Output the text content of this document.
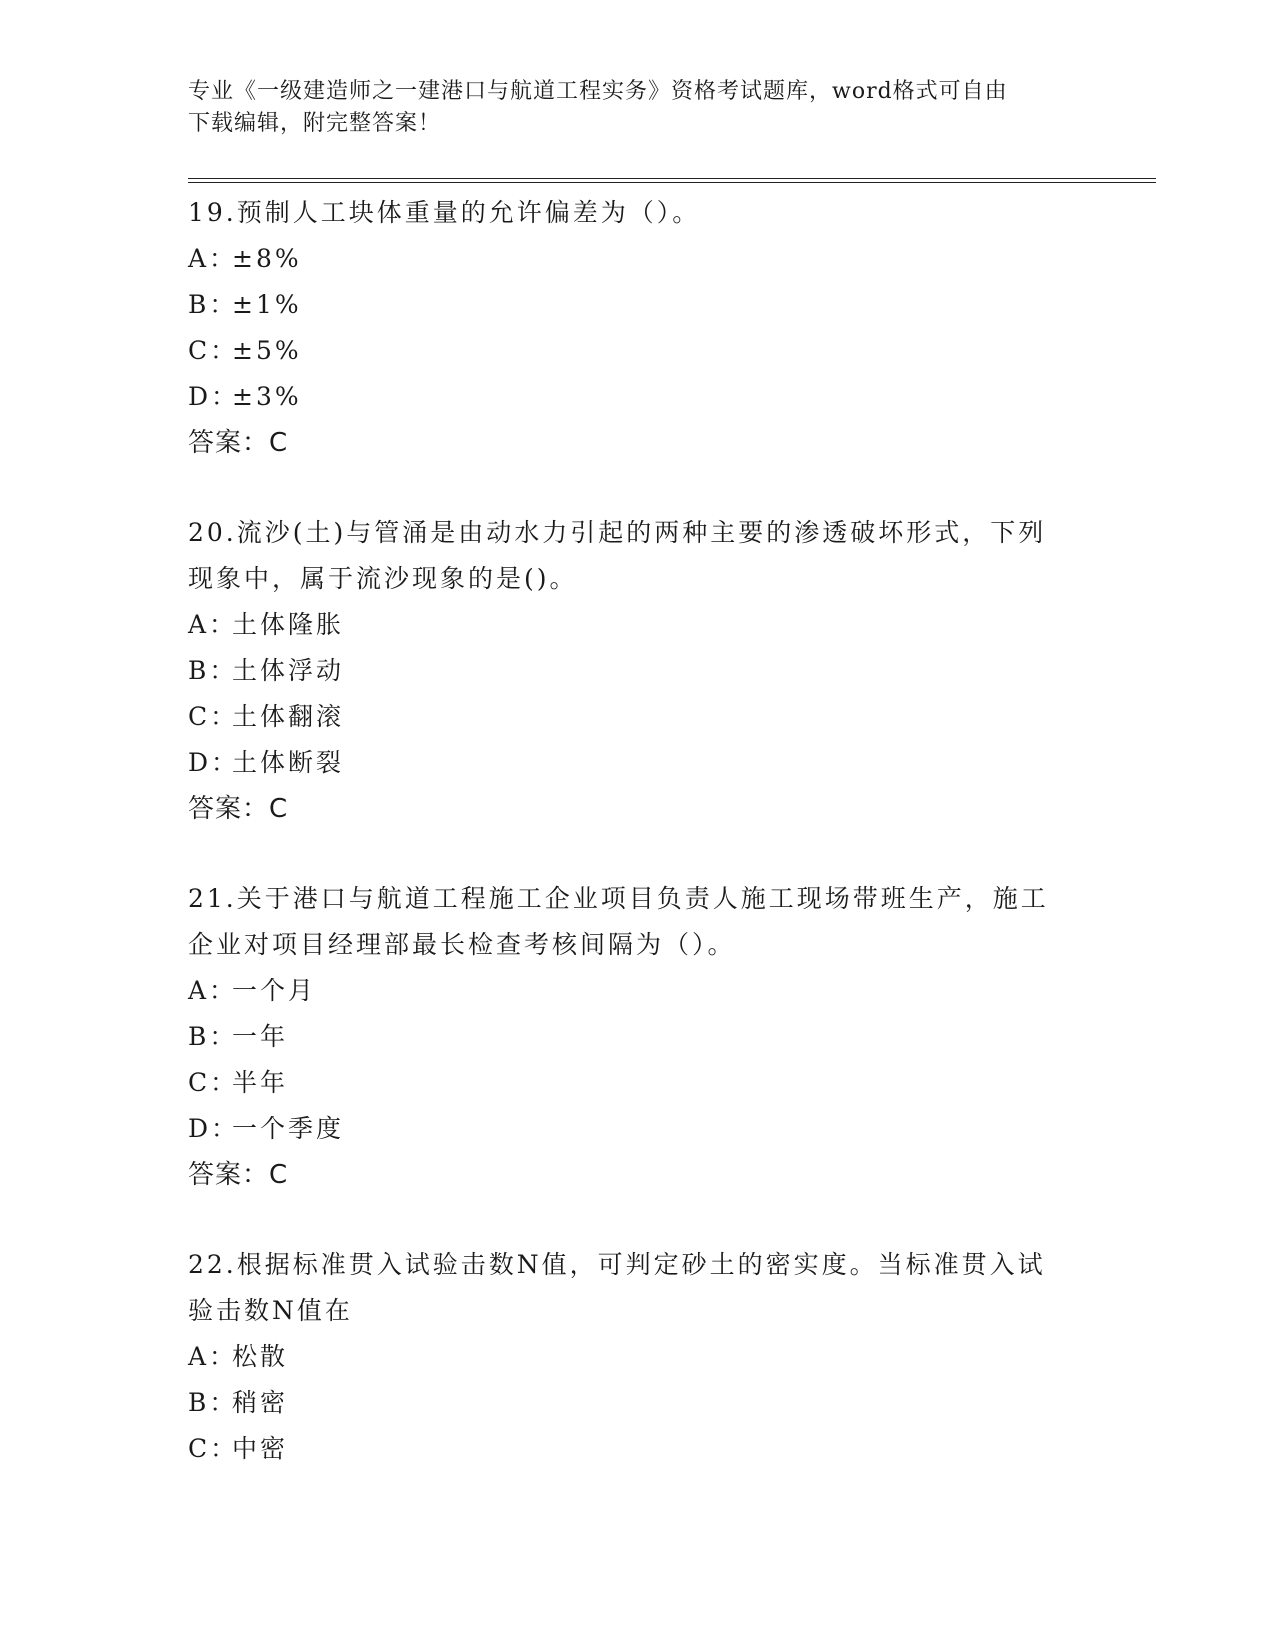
专业《一级建造师之一建港口与航道工程实务》资格考试题库，word格式可自由
下载编辑，附完整答案！
19.预制人工块体重量的允许偏差为（）。
A：±8%
B：±1%
C：±5%
D：±3%
答案：C
20.流沙(土)与管涌是由动水力引起的两种主要的渗透破坏形式，下列
现象中，属于流沙现象的是()。
A：土体隆胀
B：土体浮动
C：土体翻滚
D：土体断裂
答案：C
21.关于港口与航道工程施工企业项目负责人施工现场带班生产，施工
企业对项目经理部最长检查考核间隔为（）。
A：一个月
B：一年
C：半年
D：一个季度
答案：C
22.根据标准贯入试验击数N值，可判定砂土的密实度。当标准贯入试
验击数N值在
A：松散
B：稍密
C：中密
